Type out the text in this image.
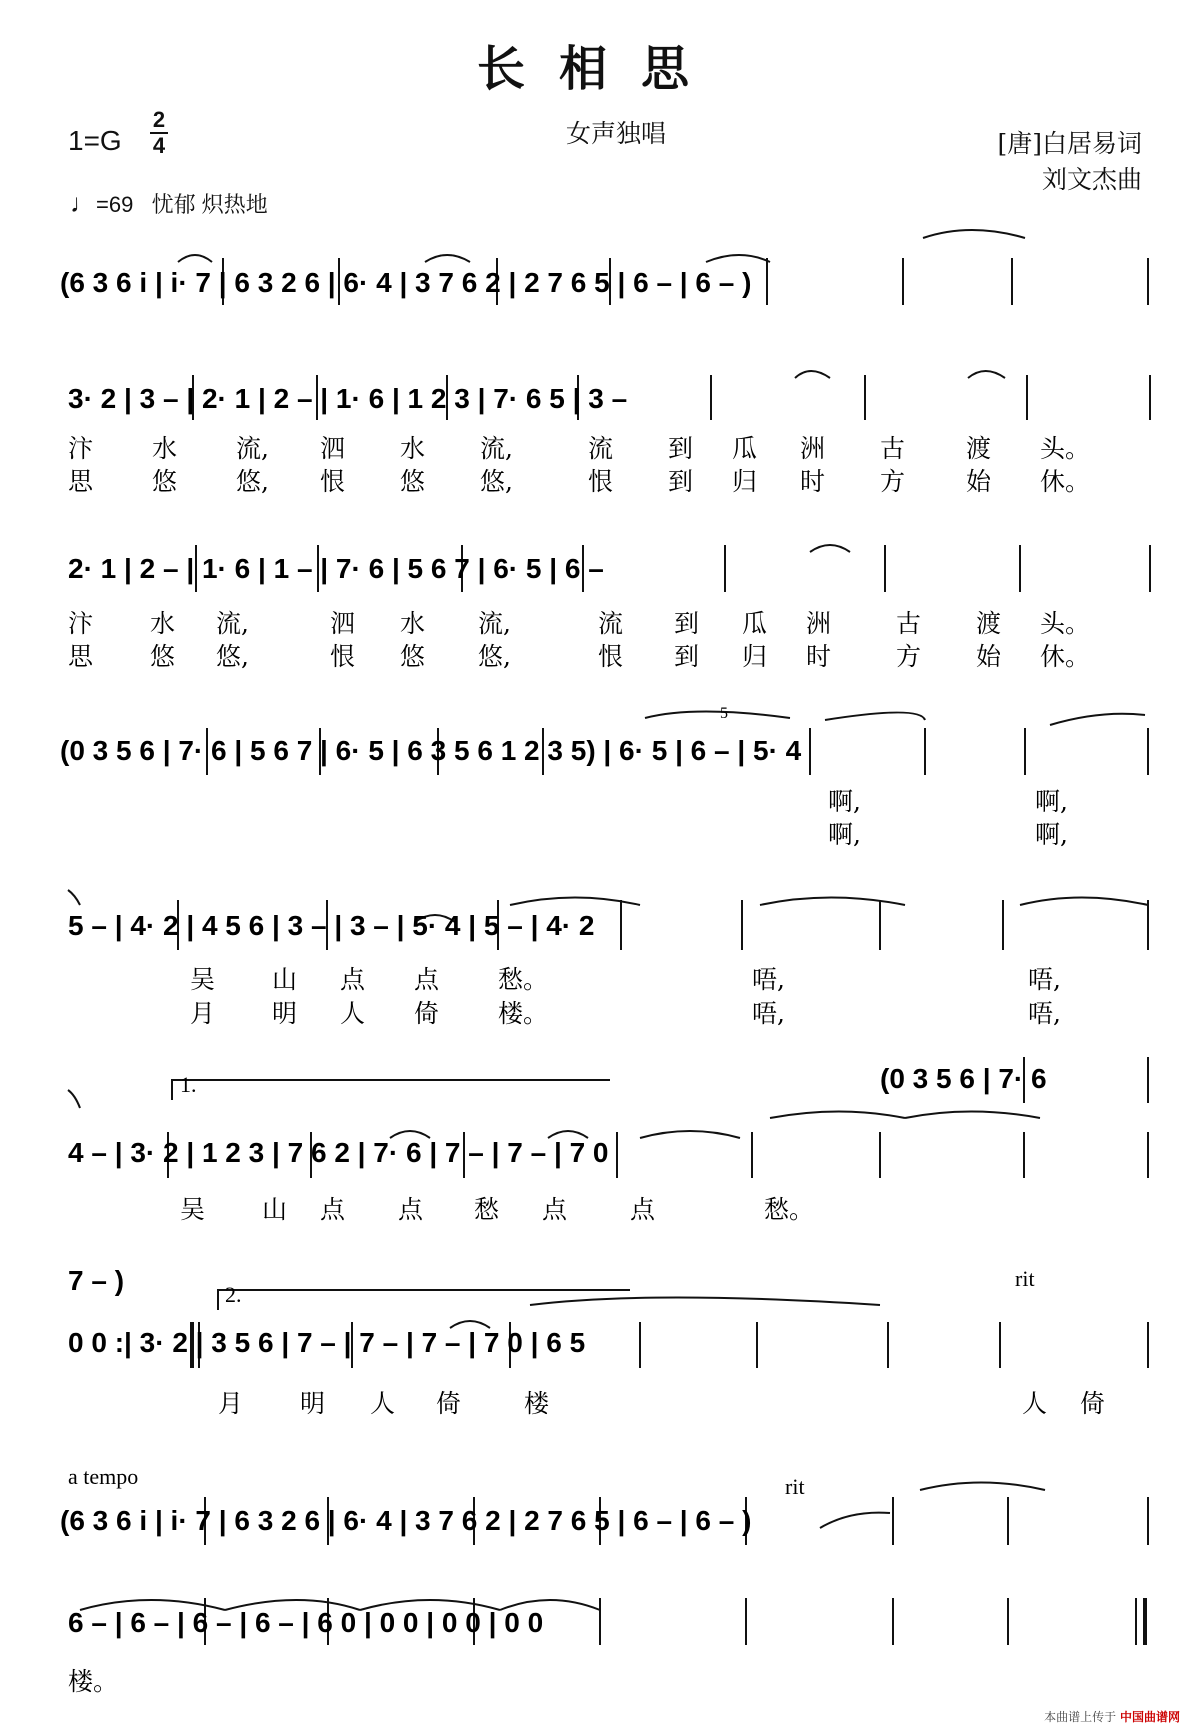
长相思
1=G
2
4	女声独唱	[唐]白居易词
刘文杰曲
♩=69 忧郁 炽热地
(6 3 6 i | i· 7 | 6 3 2 6 | 6· 4 | 3 7 6 2 | 2 7 6 5 | 6 – | 6 – )
3· 2 | 3 – | 2· 1 | 2 – | 1· 6 | 1 2 3 | 7· 6 5 | 3 –
2· 1 | 2 – | 1· 6 | 1 – | 7· 6 | 5 6 7 | 6· 5 | 6 –
(0 3 5 6 | 7· 6 | 5 6 7 | 6· 5 | 6 3 5 6 1 2 3 5) | 6· 5 | 6 – | 5· 4
5 – | 4· 2 | 4 5 6 | 3 – | 3 – | 5· 4 | 5 – | 4· 2
(0 3 5 6 | 7· 6
4 – | 3· 2 | 1 2 3 | 7 6 2 | 7· 6 | 7 – | 7 – | 7 0
7 – )
0 0 :| 3· 2 | 3 5 6 | 7 – | 7 – | 7 – | 7 0 | 6 5
(6 3 6 i | i· 7 | 6 3 2 6 | 6· 4 | 3 7 6 2 | 2 7 6 5 | 6 – | 6 – )
6 – | 6 – | 6 – | 6 – | 6 0 | 0 0 | 0 0 | 0 0
1.
2.
rit
rit
a tempo
5
汴 水 流, 泗 水 流,	流 到 瓜 洲 古 渡 头。
思 悠 悠, 恨 悠 悠,	恨 到 归 时 方 始 休。
汴 水 流,	泗 水 流,	流 到 瓜 洲	古 渡 头。
思 悠 悠,	恨 悠 悠,	恨 到 归 时	方 始 休。
啊,	啊,
啊,	啊,
吴 山 点 点 愁。	唔,	唔,
月 明 人 倚 楼。	唔,	唔,
吴 山 点 点 愁 点	点	愁。
月 明 人 倚	楼	人 倚
楼。
本曲谱上传于 中国曲谱网
